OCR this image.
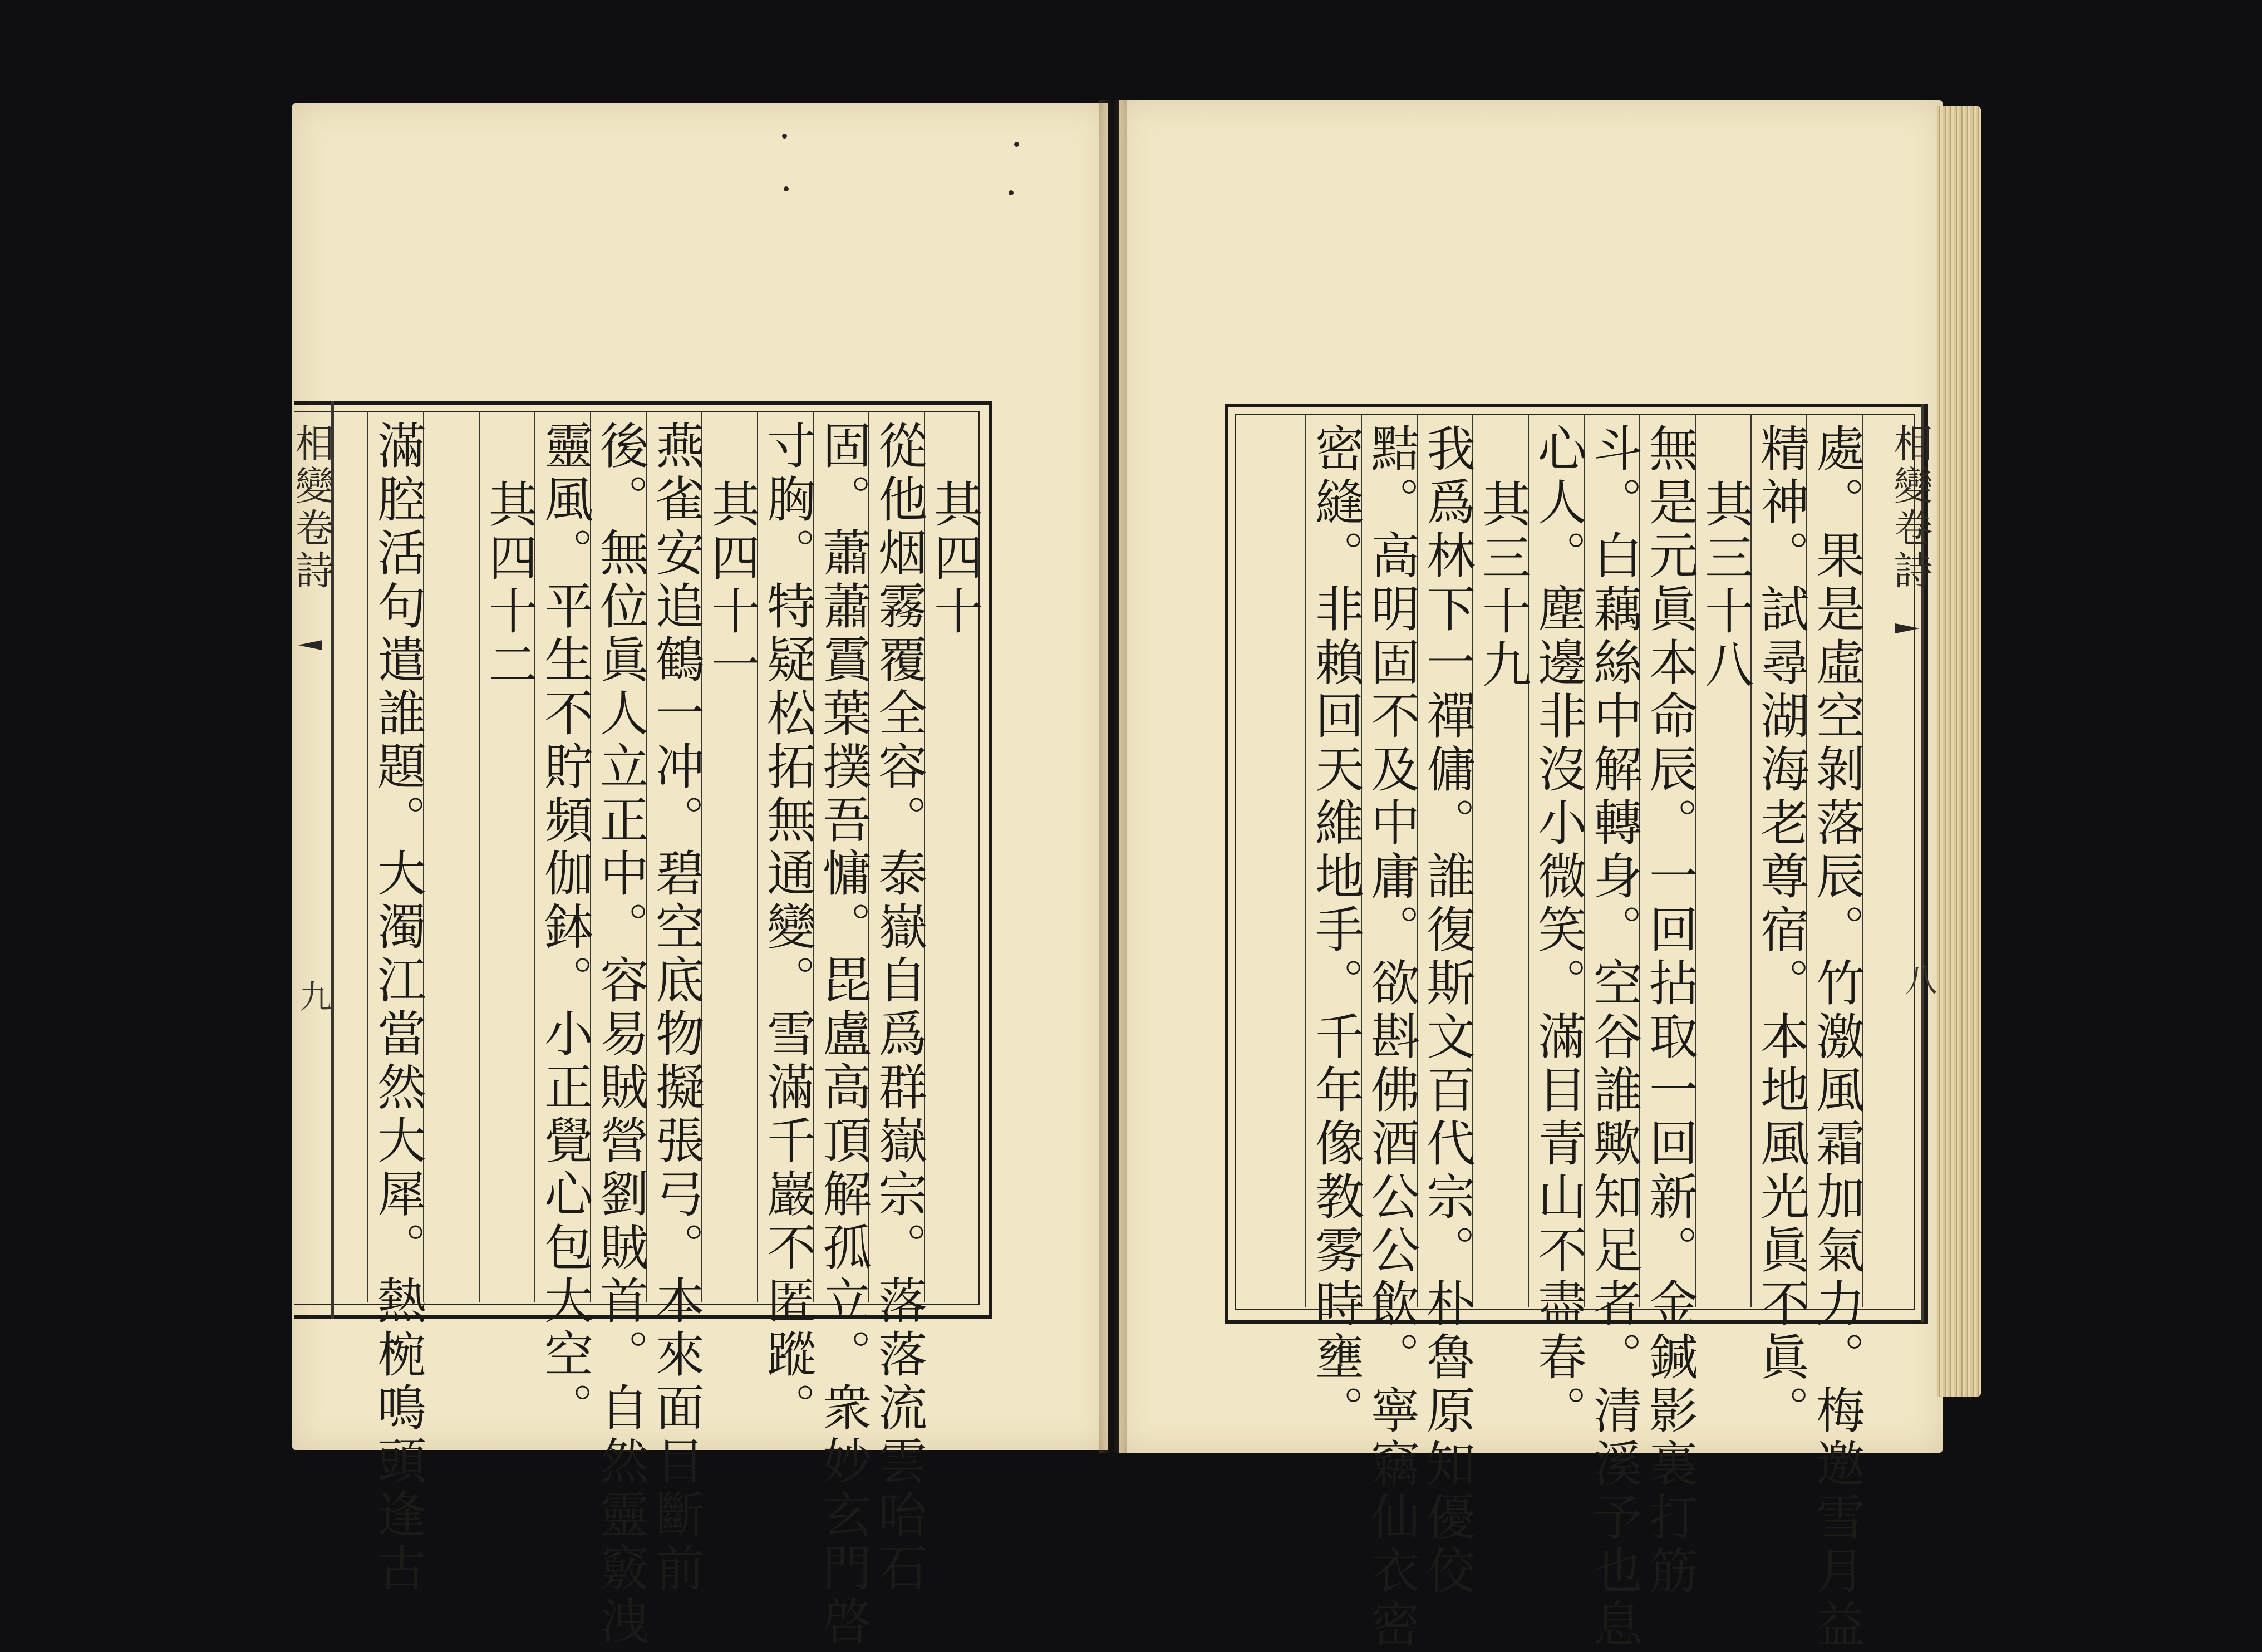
相變卷詩
八
處。果是虛空剝落辰。竹激風霜加氣力。梅邀雪月益
精神。試尋湖海老尊宿。本地風光眞不眞。
其三十八
無是元眞本命辰。一回拈取一回新。金鍼影裏打筋
斗。白藕絲中解轉身。空谷誰歟知足者。清溪予也息
心人。塵邊非沒小微笑。滿目青山不盡春。
其三十九
我爲林下一禪傭。誰復斯文百代宗。朴魯原知優佼
黠。高明固不及中庸。欲斟佛酒公公飲。寧竊仙衣密
密縫。非賴回天維地手。千年像教雾時壅。
相變卷詩
九
其四十
從他烟霧覆全容。泰嶽自爲群嶽宗。落落流雲咍石
固。蕭蕭霣葉撲吾慵。毘盧高頂解孤立。衆妙玄門啓
寸胸。特疑松拓無通變。雪滿千巖不匿蹤。
其四十一
燕雀安追鶴一冲。碧空底物擬張弓。本來面目斷前
後。無位眞人立正中。容易賊營劉賊首。自然靈竅洩
靈風。平生不貯頻伽鉢。小正覺心包大空。
其四十二
滿腔活句遣誰題。大濁江當然大犀。熱椀鳴頭逢古
